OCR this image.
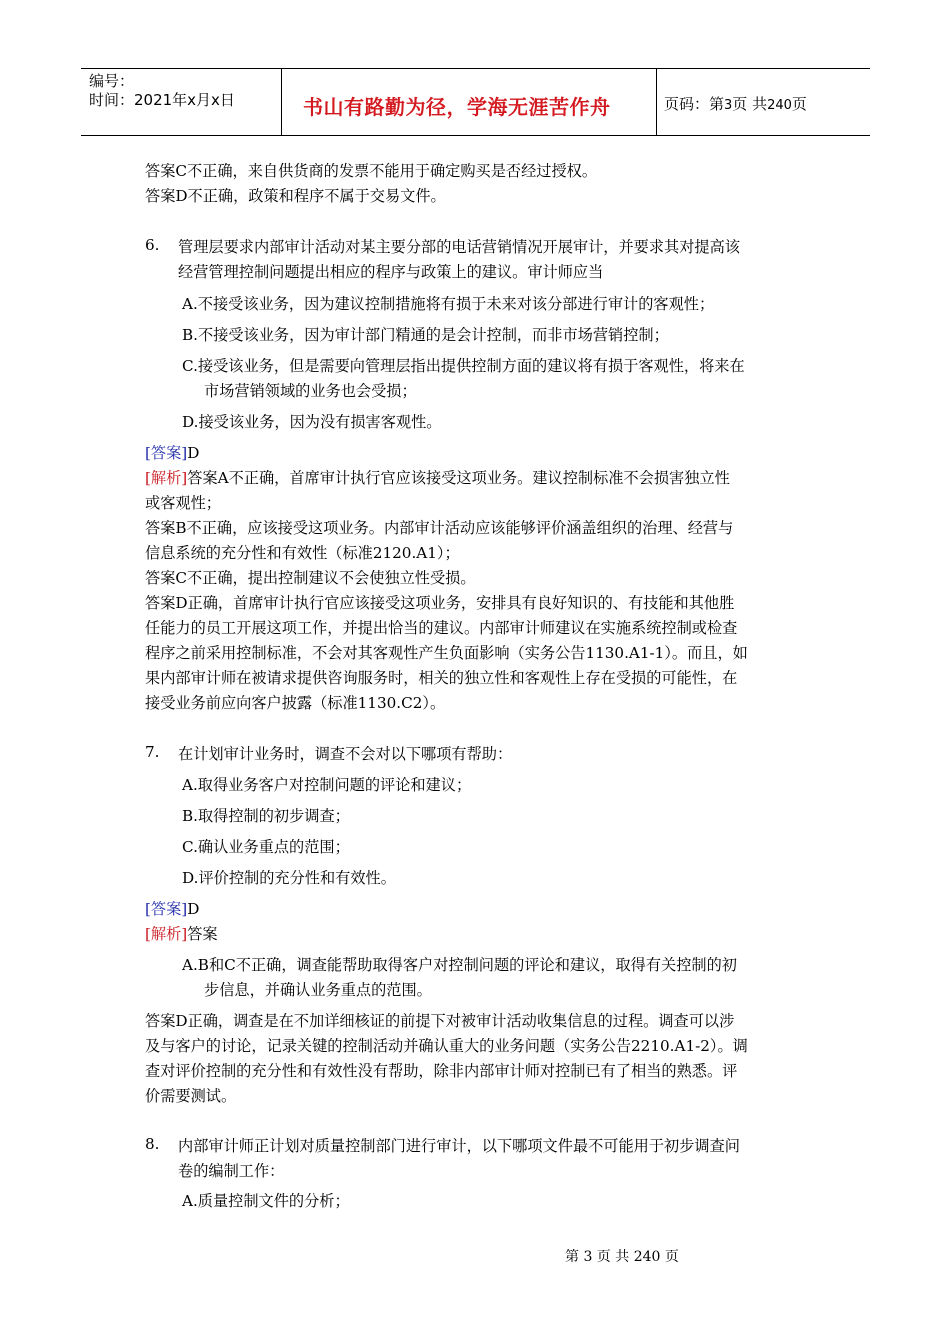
编号：
时间：2021年x月x日	书山有路勤为径，学海无涯苦作舟	页码：第3页 共240页
答案C不正确，来自供货商的发票不能用于确定购买是否经过授权。
答案D不正确，政策和程序不属于交易文件。
6. 管理层要求内部审计活动对某主要分部的电话营销情况开展审计，并要求其对提高该
经营管理控制问题提出相应的程序与政策上的建议。审计师应当
A.不接受该业务，因为建议控制措施将有损于未来对该分部进行审计的客观性；
B.不接受该业务，因为审计部门精通的是会计控制，而非市场营销控制；
C.接受该业务，但是需要向管理层指出提供控制方面的建议将有损于客观性，将来在
市场营销领域的业务也会受损；
D.接受该业务，因为没有损害客观性。
[答案]D
[解析]答案A不正确，首席审计执行官应该接受这项业务。建议控制标准不会损害独立性
或客观性；
答案B不正确，应该接受这项业务。内部审计活动应该能够评价涵盖组织的治理、经营与
信息系统的充分性和有效性（标准2120.A1）；
答案C不正确，提出控制建议不会使独立性受损。
答案D正确，首席审计执行官应该接受这项业务，安排具有良好知识的、有技能和其他胜
任能力的员工开展这项工作，并提出恰当的建议。内部审计师建议在实施系统控制或检查
程序之前采用控制标准，不会对其客观性产生负面影响（实务公告1130.A1-1）。而且，如
果内部审计师在被请求提供咨询服务时，相关的独立性和客观性上存在受损的可能性，在
接受业务前应向客户披露（标准1130.C2）。
7. 在计划审计业务时，调查不会对以下哪项有帮助：
A.取得业务客户对控制问题的评论和建议；
B.取得控制的初步调查；
C.确认业务重点的范围；
D.评价控制的充分性和有效性。
[答案]D
[解析]答案
A.B和C不正确，调查能帮助取得客户对控制问题的评论和建议，取得有关控制的初
步信息，并确认业务重点的范围。
答案D正确，调查是在不加详细核证的前提下对被审计活动收集信息的过程。调查可以涉
及与客户的讨论，记录关键的控制活动并确认重大的业务问题（实务公告2210.A1-2）。调
查对评价控制的充分性和有效性没有帮助，除非内部审计师对控制已有了相当的熟悉。评
价需要测试。
8. 内部审计师正计划对质量控制部门进行审计，以下哪项文件最不可能用于初步调查问
卷的编制工作：
A.质量控制文件的分析；
第 3 页 共 240 页
